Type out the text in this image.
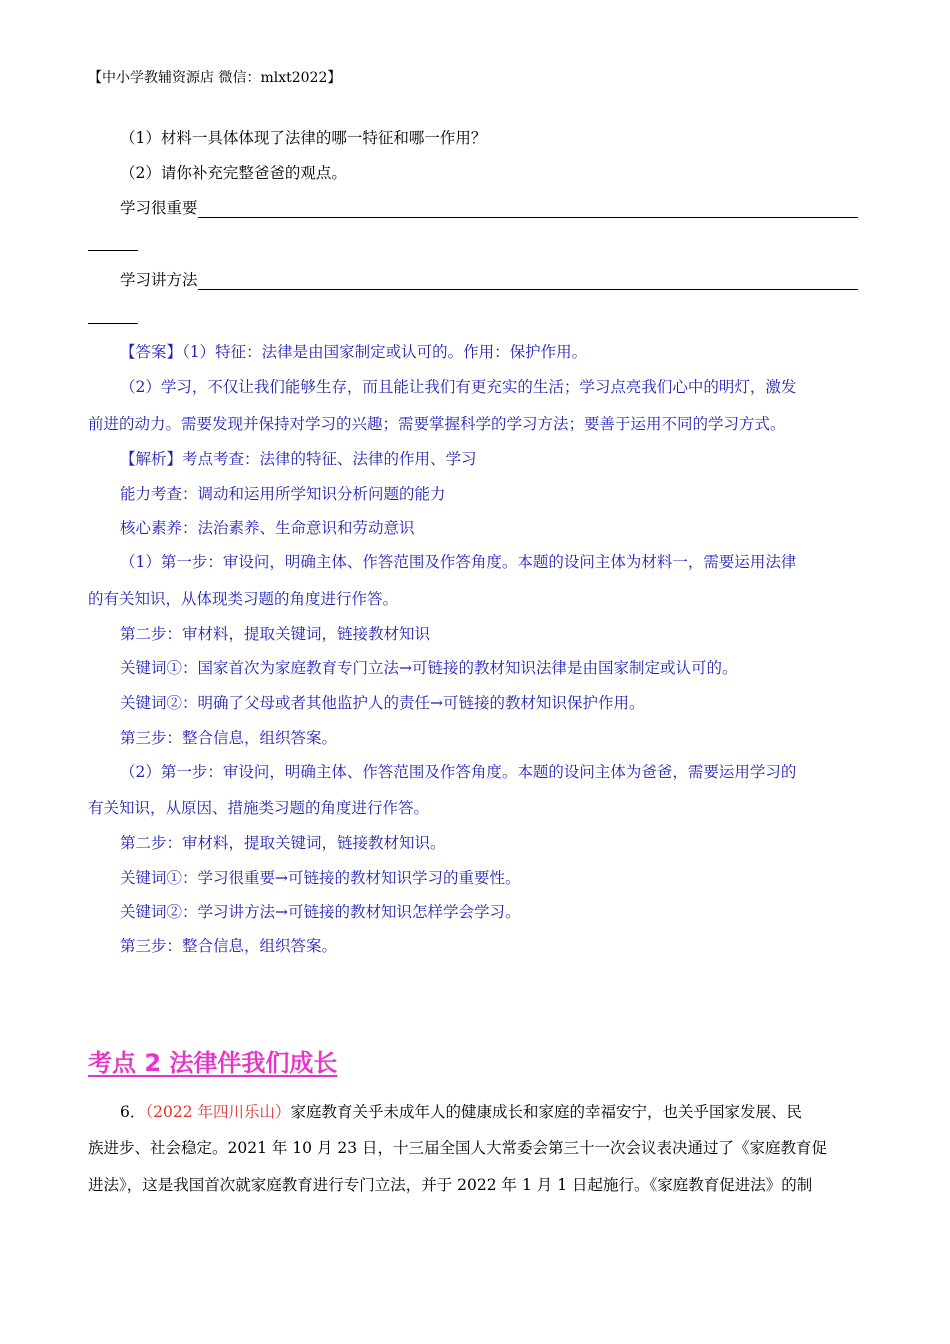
【中小学教辅资源店 微信：mlxt2022】
（1）材料一具体体现了法律的哪一特征和哪一作用？
（2）请你补充完整爸爸的观点。
学习很重要
学习讲方法
【答案】（1）特征：法律是由国家制定或认可的。作用：保护作用。
（2）学习，不仅让我们能够生存，而且能让我们有更充实的生活；学习点亮我们心中的明灯，激发
前进的动力。需要发现并保持对学习的兴趣；需要掌握科学的学习方法；要善于运用不同的学习方式。
【解析】考点考查：法律的特征、法律的作用、学习
能力考查：调动和运用所学知识分析问题的能力
核心素养：法治素养、生命意识和劳动意识
（1）第一步：审设问，明确主体、作答范围及作答角度。本题的设问主体为材料一，需要运用法律
的有关知识，从体现类习题的角度进行作答。
第二步：审材料，提取关键词，链接教材知识
关键词①：国家首次为家庭教育专门立法→可链接的教材知识法律是由国家制定或认可的。
关键词②：明确了父母或者其他监护人的责任→可链接的教材知识保护作用。
第三步：整合信息，组织答案。
（2）第一步：审设问，明确主体、作答范围及作答角度。本题的设问主体为爸爸，需要运用学习的
有关知识，从原因、措施类习题的角度进行作答。
第二步：审材料，提取关键词，链接教材知识。
关键词①：学习很重要→可链接的教材知识学习的重要性。
关键词②：学习讲方法→可链接的教材知识怎样学会学习。
第三步：整合信息，组织答案。
考点 2 法律伴我们成长
6．（2022 年四川乐山）家庭教育关乎未成年人的健康成长和家庭的幸福安宁，也关乎国家发展、民
族进步、社会稳定。2021 年 10 月 23 日，十三届全国人大常委会第三十一次会议表决通过了《家庭教育促
进法》，这是我国首次就家庭教育进行专门立法，并于 2022 年 1 月 1 日起施行。《家庭教育促进法》的制
